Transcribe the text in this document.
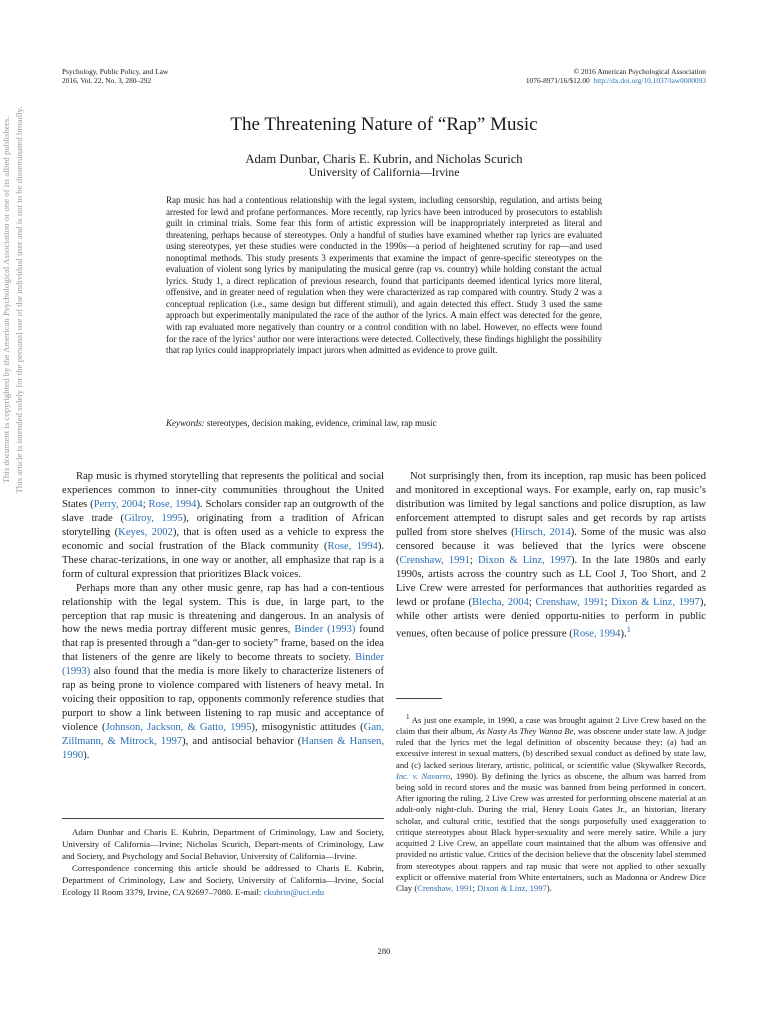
Psychology, Public Policy, and Law
2016, Vol. 22, No. 3, 280–292
© 2016 American Psychological Association
1076-8971/16/$12.00 http://dx.doi.org/10.1037/law0000093
This document is copyrighted by the American Psychological Association or one of its allied publishers. This article is intended solely for the personal use of the individual user and is not to be disseminated broadly.	The Threatening Nature of “Rap” Music
Adam Dunbar, Charis E. Kubrin, and Nicholas Scurich
University of California—Irvine

Rap music has had a contentious relationship with the legal system, including censorship, regulation, and artists being arrested for lewd and profane performances. More recently, rap lyrics have been introduced by prosecutors to establish guilt in criminal trials. Some fear this form of artistic expression will be inappropriately interpreted as literal and threatening, perhaps because of stereotypes. Only a handful of studies have examined whether rap lyrics are evaluated using stereotypes, yet these studies were conducted in the 1990s—a period of heightened scrutiny for rap—and used nonoptimal methods. This study presents 3 experiments that examine the impact of genre-specific stereotypes on the evaluation of violent song lyrics by manipulating the musical genre (rap vs. country) while holding constant the actual lyrics. Study 1, a direct replication of previous research, found that participants deemed identical lyrics more literal, offensive, and in greater need of regulation when they were characterized as rap compared with country. Study 2 was a conceptual replication (i.e., same design but different stimuli), and again detected this effect. Study 3 used the same approach but experimentally manipulated the race of the author of the lyrics. A main effect was detected for the genre, with rap evaluated more negatively than country or a control condition with no label. However, no effects were found for the race of the lyrics’ author nor were interactions were detected. Collectively, these findings highlight the possibility that rap lyrics could inappropriately impact jurors when admitted as evidence to prove guilt.

Keywords: stereotypes, decision making, evidence, criminal law, rap music

Rap music is rhymed storytelling that represents the political and social experiences common to inner-city communities throughout the United States (Perry, 2004; Rose, 1994). Scholars consider rap an outgrowth of the slave trade (Gilroy, 1995), originating from a tradition of African storytelling (Keyes, 2002), that is often used as a vehicle to express the economic and social frustration of the Black community (Rose, 1994). These charac-terizations, in one way or another, all emphasize that rap is a form of cultural expression that prioritizes Black voices.

Perhaps more than any other music genre, rap has had a con-tentious relationship with the legal system. This is due, in large part, to the perception that rap music is threatening and dangerous. In an analysis of how the news media portray different music genres, Binder (1993) found that rap is presented through a “dan-ger to society” frame, based on the idea that listeners of the genre are likely to become threats to society. Binder (1993) also found that the media is more likely to characterize listeners of rap as being prone to violence compared with listeners of heavy metal. In voicing their opposition to rap, opponents commonly reference studies that purport to show a link between listening to rap music and acceptance of violence (Johnson, Jackson, & Gatto, 1995), misogynistic attitudes (Gan, Zillmann, & Mitrock, 1997), and antisocial behavior (Hansen & Hansen, 1990).

Not surprisingly then, from its inception, rap music has been policed and monitored in exceptional ways. For example, early on, rap music’s distribution was limited by legal sanctions and police disruption, as law enforcement attempted to disrupt sales and get records by rap artists pulled from store shelves (Hirsch, 2014). Some of the music was also censored because it was believed that the lyrics were obscene (Crenshaw, 1991; Dixon & Linz, 1997). In the late 1980s and early 1990s, artists across the country such as LL Cool J, Too Short, and 2 Live Crew were arrested for performances that authorities regarded as lewd or profane (Blecha, 2004; Crenshaw, 1991; Dixon & Linz, 1997), while other artists were denied opportu-nities to perform in public venues, often because of police pressure (Rose, 1994).$^1$

$^1$ As just one example, in 1990, a case was brought against 2 Live Crew based on the claim that their album, As Nasty As They Wanna Be, was obscene under state law. A judge ruled that the lyrics met the legal definition of obscenity because they: (a) had an excessive interest in sexual matters, (b) described sexual conduct as defined by state law, and (c) lacked serious literary, artistic, political, or scientific value (Skywalker Records, Inc. v. Navarro, 1990). By defining the lyrics as obscene, the album was barred from being sold in record stores and the music was banned from being performed in concert. After ignoring the ruling, 2 Live Crew was arrested for performing obscene material at an adult-only night-club. During the trial, Henry Louis Gates Jr., an historian, literary scholar, and cultural critic, testified that the songs purposefully used exaggeration to critique stereotypes about Black hyper-sexuality and were merely satire. While a jury acquitted 2 Live Crew, an appellate court maintained that the album was offensive and provided no artistic value. Critics of the decision believe that the obscenity label stemmed from stereotypes about rappers and rap music that were not applied to other sexually explicit or offensive material from White entertainers, such as Madonna or Andrew Dice Clay (Crenshaw, 1991; Dixon & Linz, 1997).

Adam Dunbar and Charis E. Kubrin, Department of Criminology, Law and Society, University of California—Irvine; Nicholas Scurich, Depart-ments of Criminology, Law and Society, and Psychology and Social Behavior, University of California—Irvine.

Correspondence concerning this article should be addressed to Charis E. Kubrin, Department of Criminology, Law and Society, University of California—Irvine, Social Ecology II Room 3379, Irvine, CA 92697–7080. E-mail: ckubrin@uci.edu

280
